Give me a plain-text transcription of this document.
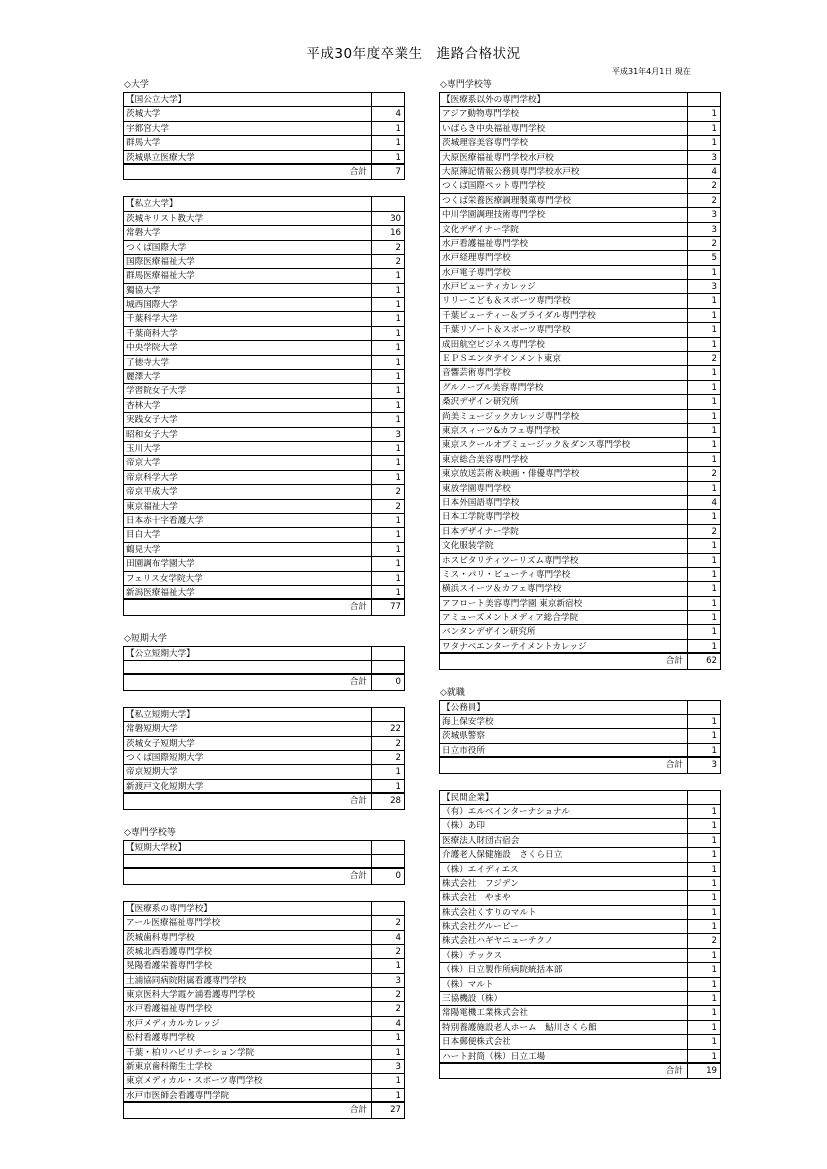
平成30年度卒業生　進路合格状況
平成31年4月1日 現在
◇大学
【国公立大学】
茨城大学	4
宇都宮大学	1
群馬大学	1
茨城県立医療大学	1
合計	7
【私立大学】
茨城キリスト教大学	30
常磐大学	16
つくば国際大学	2
国際医療福祉大学	2
群馬医療福祉大学	1
獨協大学	1
城西国際大学	1
千葉科学大学	1
千葉商科大学	1
中央学院大学	1
了徳寺大学	1
麗澤大学	1
学習院女子大学	1
杏林大学	1
実践女子大学	1
昭和女子大学	3
玉川大学	1
帝京大学	1
帝京科学大学	1
帝京平成大学	2
東京福祉大学	2
日本赤十字看護大学	1
目白大学	1
鶴見大学	1
田園調布学園大学	1
フェリス女学院大学	1
新潟医療福祉大学	1
合計	77
◇短期大学
【公立短期大学】
合計	0
【私立短期大学】
常磐短期大学	22
茨城女子短期大学	2
つくば国際短期大学	2
帝京短期大学	1
新渡戸文化短期大学	1
合計	28
◇専門学校等
【短期大学校】
合計	0
【医療系の専門学校】
アール医療福祉専門学校	2
茨城歯科専門学校	4
茨城北西看護専門学校	2
晃陽看護栄養専門学校	1
土浦協同病院附属看護専門学校	3
東京医科大学霞ケ浦看護専門学校	2
水戸看護福祉専門学校	2
水戸メディカルカレッジ	4
松村看護専門学校	1
千葉・柏リハビリテーション学院	1
新東京歯科衛生士学校	3
東京メディカル・スポーツ専門学校	1
水戸市医師会看護専門学院	1
合計	27
◇専門学校等
【医療系以外の専門学校】
アジア動物専門学校	1
いばらき中央福祉専門学校	1
茨城理容美容専門学校	1
大原医療福祉専門学校水戸校	3
大原簿記情報公務員専門学校水戸校	4
つくば国際ペット専門学校	2
つくば栄養医療調理製菓専門学校	2
中川学園調理技術専門学校	3
文化デザイナー学院	3
水戸看護福祉専門学校	2
水戸経理専門学校	5
水戸電子専門学校	1
水戸ビューティカレッジ	3
リリーこども＆スポーツ専門学校	1
千葉ビューティー＆ブライダル専門学校	1
千葉リゾート＆スポーツ専門学校	1
成田航空ビジネス専門学校	1
ＥＰＳエンタテインメント東京	2
音響芸術専門学校	1
グルノーブル美容専門学校	1
桑沢デザイン研究所	1
尚美ミュージックカレッジ専門学校	1
東京スィーツ&カフェ専門学校	1
東京スクールオブミュージック＆ダンス専門学校	1
東京総合美容専門学校	1
東京放送芸術＆映画・俳優専門学校	2
東放学園専門学校	1
日本外国語専門学校	4
日本工学院専門学校	1
日本デザイナー学院	2
文化服装学院	1
ホスピタリティツーリズム専門学校	1
ミス・パリ・ビューティ専門学校	1
横浜スイーツ＆カフェ専門学校	1
アフロート美容専門学園 東京新宿校	1
アミューズメントメディア総合学院	1
バンタンデザイン研究所	1
ワタナベエンターテイメントカレッジ	1
合計	62
◇就職
【公務員】
海上保安学校	1
茨城県警察	1
日立市役所	1
合計	3
【民間企業】
（有）エルベインターナショナル	1
（株）あ印	1
医療法人財団古宿会	1
介護老人保健施設　さくら日立	1
（株）エイディエス	1
株式会社　フジデン	1
株式会社　やまや	1
株式会社くすりのマルト	1
株式会社グルーピー	1
株式会社ハギヤニューテクノ	2
（株）テックス	1
（株）日立製作所病院統括本部	1
（株）マルト	1
三協機設（株）	1
常陽電機工業株式会社	1
特別養護施設老人ホーム　鮎川さくら館	1
日本郵便株式会社	1
ハート封筒（株）日立工場	1
合計	19
